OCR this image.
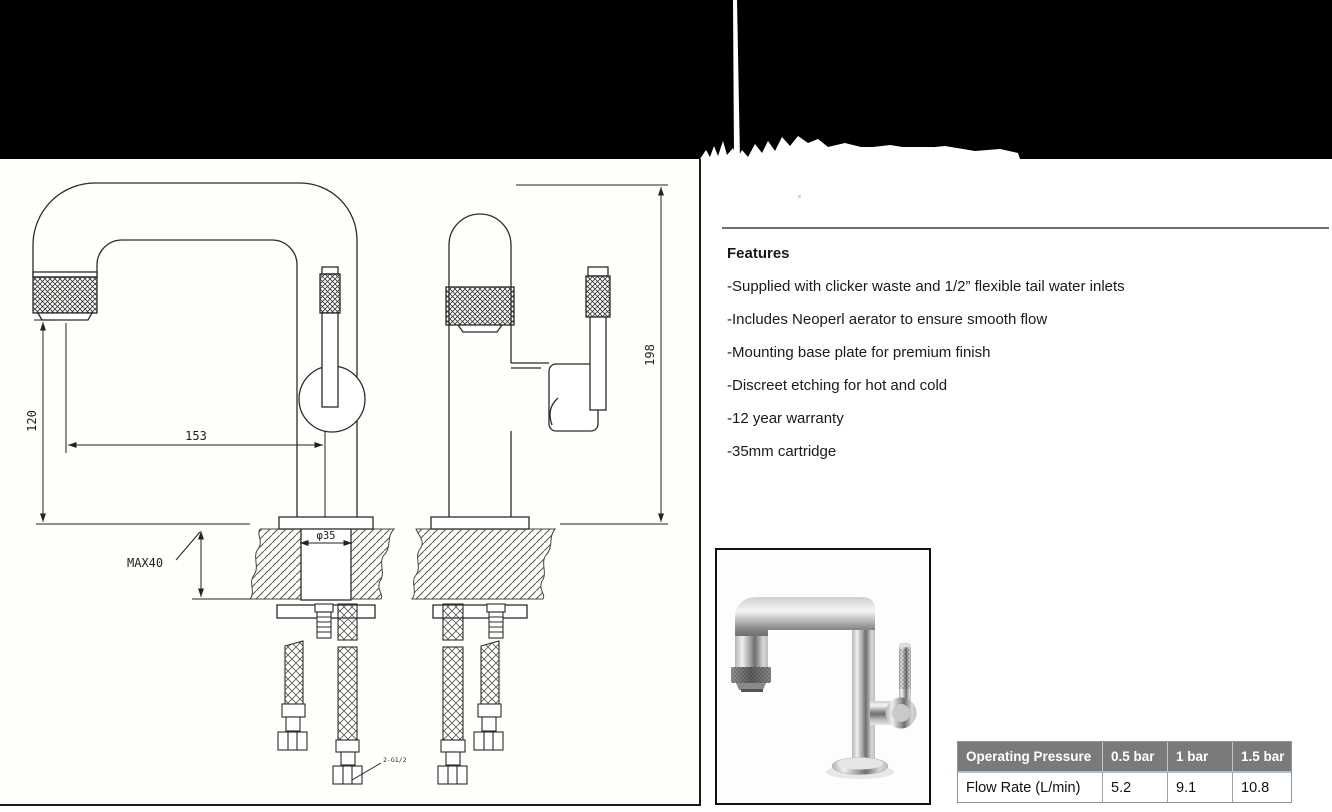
120
153
198
MAX40
φ35
2-G1/2
Features

-Supplied with clicker waste and 1/2” flexible tail water inlets

-Includes Neoperl aerator to ensure smooth flow

-Mounting base plate for premium finish

-Discreet etching for hot and cold

-12 year warranty

-35mm cartridge

Operating Pressure	0.5 bar	1 bar	1.5 bar
Flow Rate (L/min)	5.2	9.1	10.8
